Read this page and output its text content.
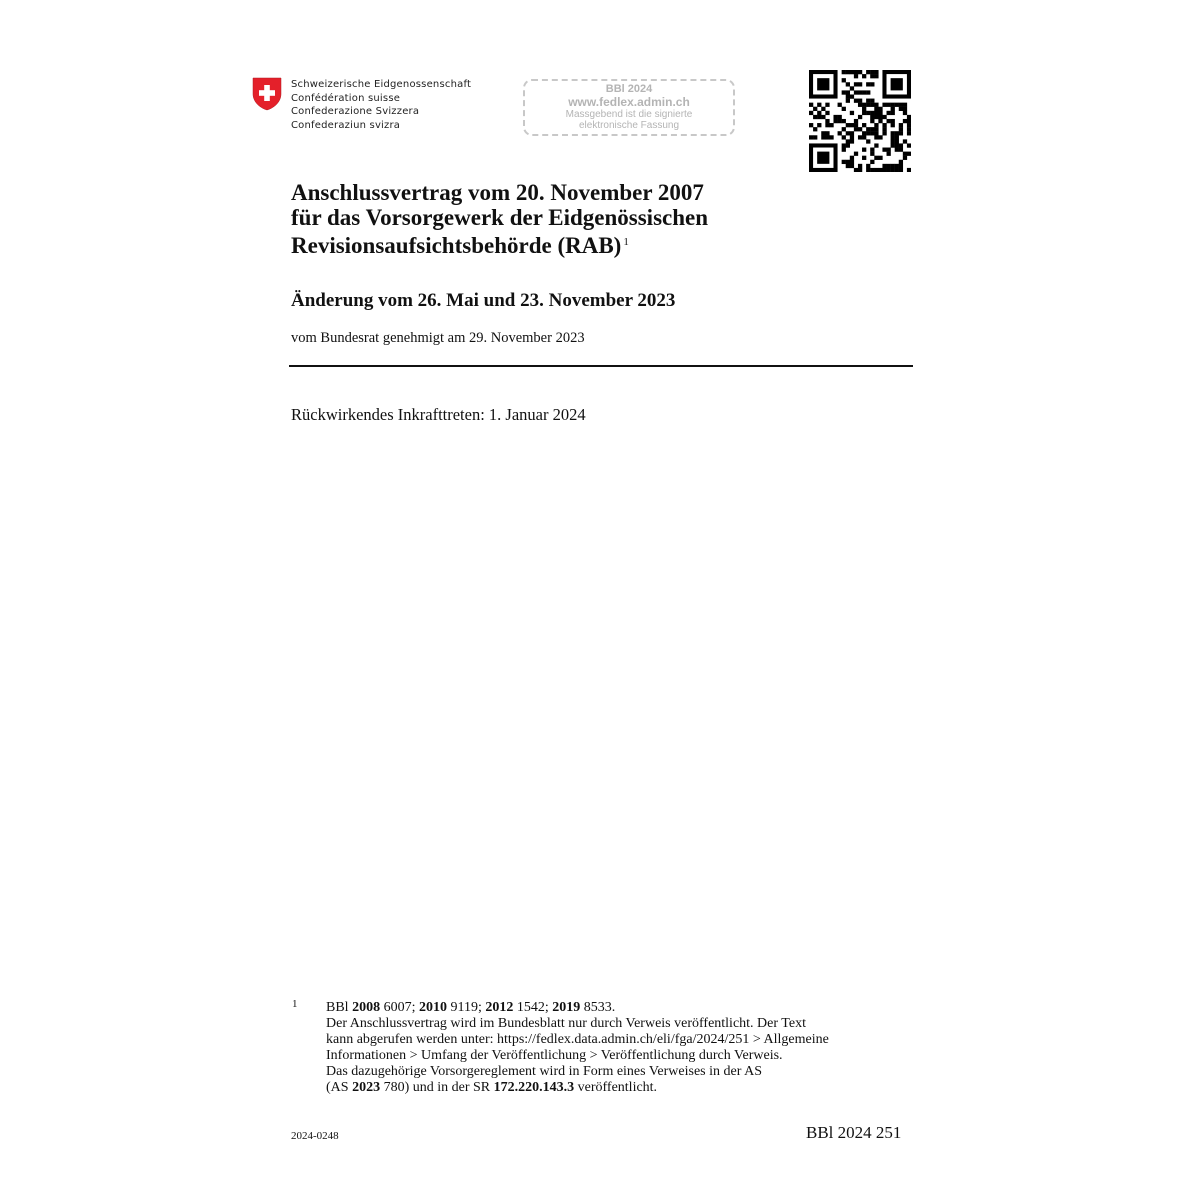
Schweizerische Eidgenossenschaft
Confédération suisse
Confederazione Svizzera
Confederaziun svizra
BBl 2024
www.fedlex.admin.ch
Massgebend ist die signierte
elektronische Fassung
Anschlussvertrag vom 20. November 2007
für das Vorsorgewerk der Eidgenössischen
Revisionsaufsichtsbehörde (RAB) $^1$
Änderung vom 26. Mai und 23. November 2023
vom Bundesrat genehmigt am 29. November 2023
Rückwirkendes Inkrafttreten: 1. Januar 2024
1 BBl 2008 6007; 2010 9119; 2012 1542; 2019 8533.
Der Anschlussvertrag wird im Bundesblatt nur durch Verweis veröffentlicht. Der Text
kann abgerufen werden unter: https://fedlex.data.admin.ch/eli/fga/2024/251 > Allgemeine
Informationen > Umfang der Veröffentlichung > Veröffentlichung durch Verweis.
Das dazugehörige Vorsorgereglement wird in Form eines Verweises in der AS
(AS 2023 780) und in der SR 172.220.143.3 veröffentlicht.
2024-0248	BBl 2024 251
